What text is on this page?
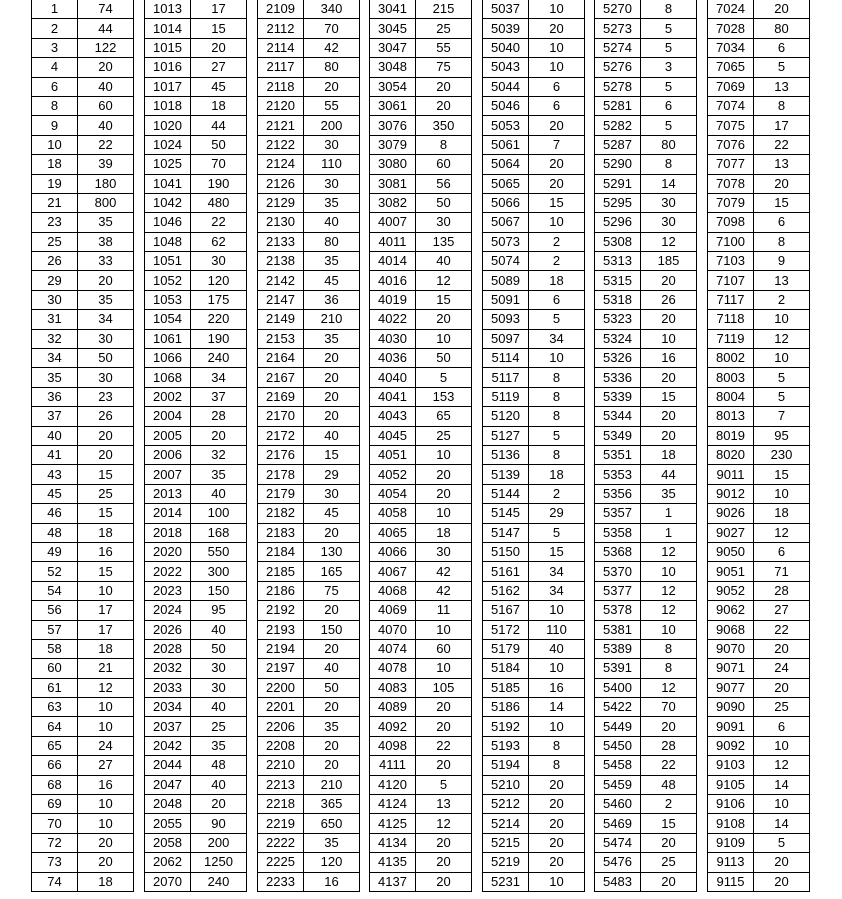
1	74
2	44
3	122
4	20
6	40
8	60
9	40
10	22
18	39
19	180
21	800
23	35
25	38
26	33
29	20
30	35
31	34
32	30
34	50
35	30
36	23
37	26
40	20
41	20
43	15
45	25
46	15
48	18
49	16
52	15
54	10
56	17
57	17
58	18
60	21
61	12
63	10
64	10
65	24
66	27
68	16
69	10
70	10
72	20
73	20
74	18
1013	17
1014	15
1015	20
1016	27
1017	45
1018	18
1020	44
1024	50
1025	70
1041	190
1042	480
1046	22
1048	62
1051	30
1052	120
1053	175
1054	220
1061	190
1066	240
1068	34
2002	37
2004	28
2005	20
2006	32
2007	35
2013	40
2014	100
2018	168
2020	550
2022	300
2023	150
2024	95
2026	40
2028	50
2032	30
2033	30
2034	40
2037	25
2042	35
2044	48
2047	40
2048	20
2055	90
2058	200
2062	1250
2070	240
2109	340
2112	70
2114	42
2117	80
2118	20
2120	55
2121	200
2122	30
2124	110
2126	30
2129	35
2130	40
2133	80
2138	35
2142	45
2147	36
2149	210
2153	35
2164	20
2167	20
2169	20
2170	20
2172	40
2176	15
2178	29
2179	30
2182	45
2183	20
2184	130
2185	165
2186	75
2192	20
2193	150
2194	20
2197	40
2200	50
2201	20
2206	35
2208	20
2210	20
2213	210
2218	365
2219	650
2222	35
2225	120
2233	16
3041	215
3045	25
3047	55
3048	75
3054	20
3061	20
3076	350
3079	8
3080	60
3081	56
3082	50
4007	30
4011	135
4014	40
4016	12
4019	15
4022	20
4030	10
4036	50
4040	5
4041	153
4043	65
4045	25
4051	10
4052	20
4054	20
4058	10
4065	18
4066	30
4067	42
4068	42
4069	11
4070	10
4074	60
4078	10
4083	105
4089	20
4092	20
4098	22
4111	20
4120	5
4124	13
4125	12
4134	20
4135	20
4137	20
5037	10
5039	20
5040	10
5043	10
5044	6
5046	6
5053	20
5061	7
5064	20
5065	20
5066	15
5067	10
5073	2
5074	2
5089	18
5091	6
5093	5
5097	34
5114	10
5117	8
5119	8
5120	8
5127	5
5136	8
5139	18
5144	2
5145	29
5147	5
5150	15
5161	34
5162	34
5167	10
5172	110
5179	40
5184	10
5185	16
5186	14
5192	10
5193	8
5194	8
5210	20
5212	20
5214	20
5215	20
5219	20
5231	10
5270	8
5273	5
5274	5
5276	3
5278	5
5281	6
5282	5
5287	80
5290	8
5291	14
5295	30
5296	30
5308	12
5313	185
5315	20
5318	26
5323	20
5324	10
5326	16
5336	20
5339	15
5344	20
5349	20
5351	18
5353	44
5356	35
5357	1
5358	1
5368	12
5370	10
5377	12
5378	12
5381	10
5389	8
5391	8
5400	12
5422	70
5449	20
5450	28
5458	22
5459	48
5460	2
5469	15
5474	20
5476	25
5483	20
7024	20
7028	80
7034	6
7065	5
7069	13
7074	8
7075	17
7076	22
7077	13
7078	20
7079	15
7098	6
7100	8
7103	9
7107	13
7117	2
7118	10
7119	12
8002	10
8003	5
8004	5
8013	7
8019	95
8020	230
9011	15
9012	10
9026	18
9027	12
9050	6
9051	71
9052	28
9062	27
9068	22
9070	20
9071	24
9077	20
9090	25
9091	6
9092	10
9103	12
9105	14
9106	10
9108	14
9109	5
9113	20
9115	20
